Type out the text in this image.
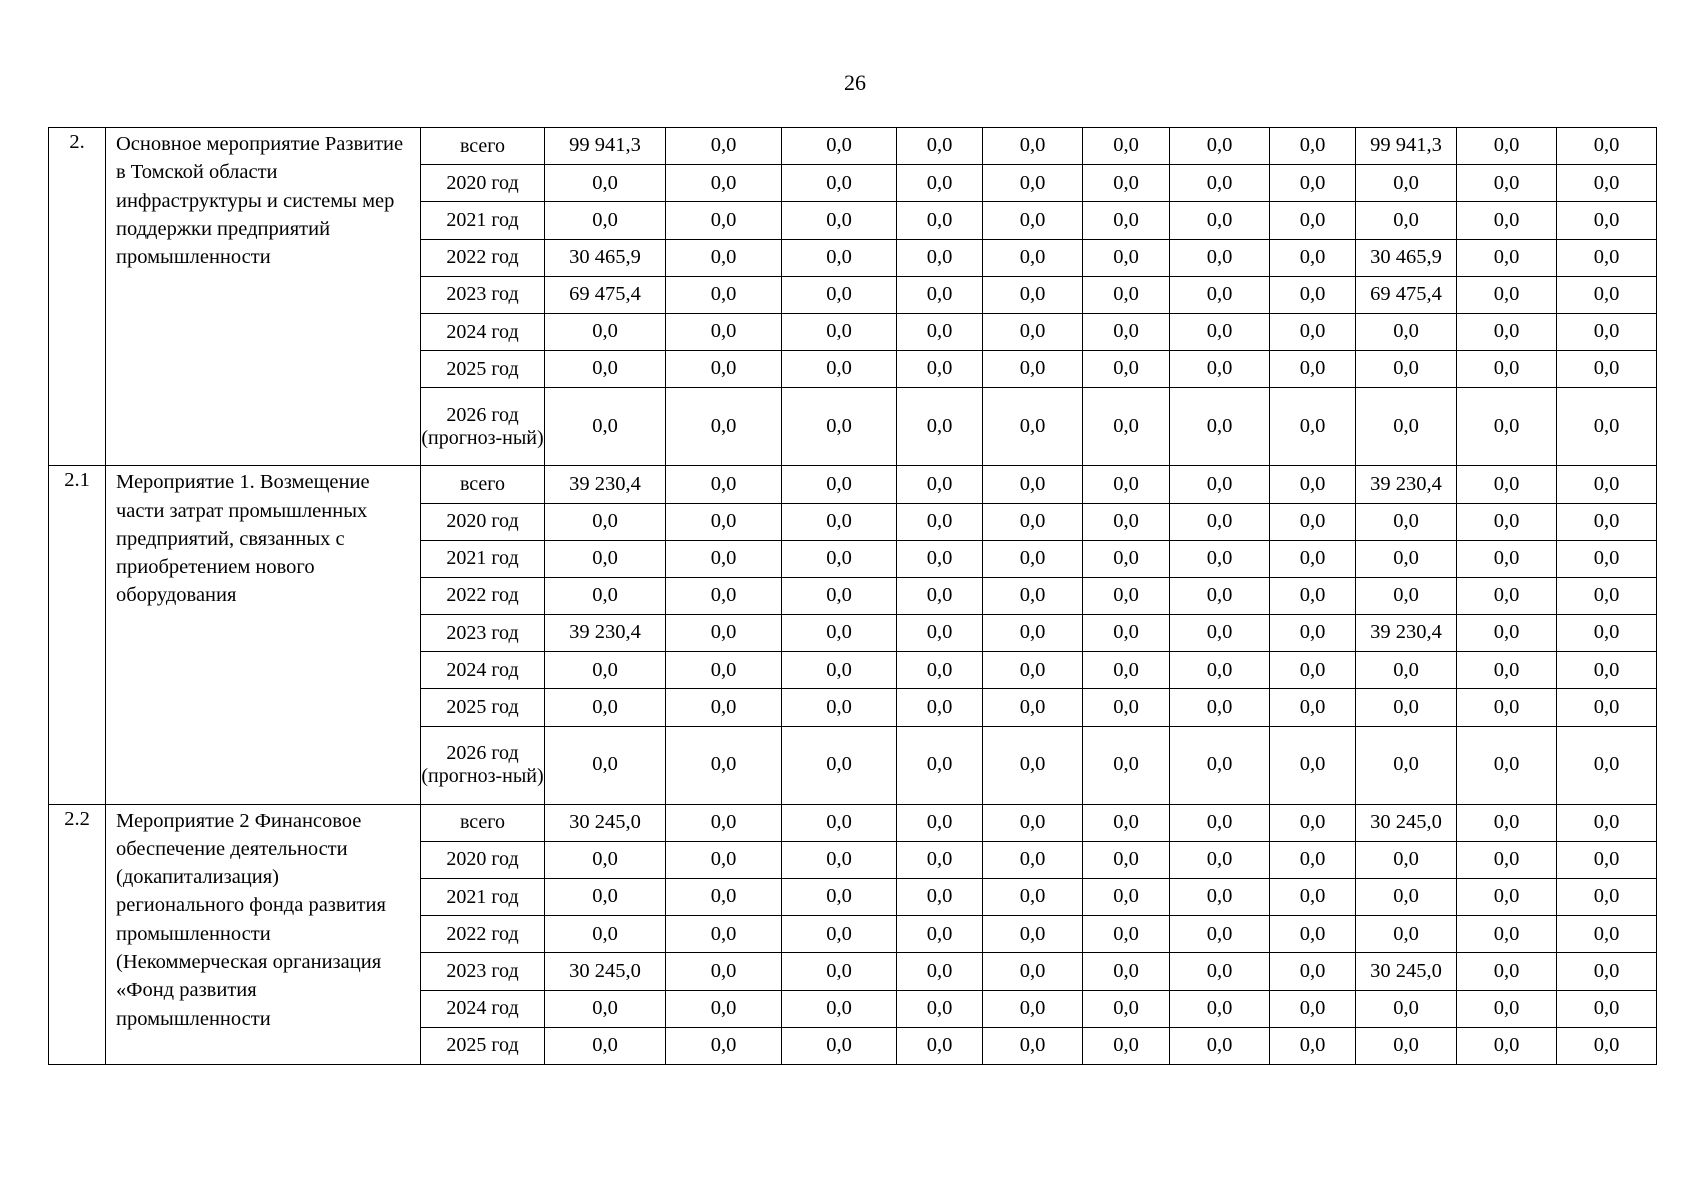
26
2.	Основное мероприятие Развитие в Томской области инфраструктуры и системы мер поддержки предприятий промышленности	всего	99 941,3	0,0	0,0	0,0	0,0	0,0	0,0	0,0	99 941,3	0,0	0,0
		2020 год	0,0	0,0	0,0	0,0	0,0	0,0	0,0	0,0	0,0	0,0	0,0
		2021 год	0,0	0,0	0,0	0,0	0,0	0,0	0,0	0,0	0,0	0,0	0,0
		2022 год	30 465,9	0,0	0,0	0,0	0,0	0,0	0,0	0,0	30 465,9	0,0	0,0
		2023 год	69 475,4	0,0	0,0	0,0	0,0	0,0	0,0	0,0	69 475,4	0,0	0,0
		2024 год	0,0	0,0	0,0	0,0	0,0	0,0	0,0	0,0	0,0	0,0	0,0
		2025 год	0,0	0,0	0,0	0,0	0,0	0,0	0,0	0,0	0,0	0,0	0,0
		2026 год (прогноз-ный)	0,0	0,0	0,0	0,0	0,0	0,0	0,0	0,0	0,0	0,0	0,0
2.1	Мероприятие 1. Возмещение части затрат промышленных предприятий, связанных с приобретением нового оборудования	всего	39 230,4	0,0	0,0	0,0	0,0	0,0	0,0	0,0	39 230,4	0,0	0,0
		2020 год	0,0	0,0	0,0	0,0	0,0	0,0	0,0	0,0	0,0	0,0	0,0
		2021 год	0,0	0,0	0,0	0,0	0,0	0,0	0,0	0,0	0,0	0,0	0,0
		2022 год	0,0	0,0	0,0	0,0	0,0	0,0	0,0	0,0	0,0	0,0	0,0
		2023 год	39 230,4	0,0	0,0	0,0	0,0	0,0	0,0	0,0	39 230,4	0,0	0,0
		2024 год	0,0	0,0	0,0	0,0	0,0	0,0	0,0	0,0	0,0	0,0	0,0
		2025 год	0,0	0,0	0,0	0,0	0,0	0,0	0,0	0,0	0,0	0,0	0,0
		2026 год (прогноз-ный)	0,0	0,0	0,0	0,0	0,0	0,0	0,0	0,0	0,0	0,0	0,0
2.2	Мероприятие 2 Финансовое обеспечение деятельности (докапитализация) регионального фонда развития промышленности (Некоммерческая организация «Фонд развития промышленности	всего	30 245,0	0,0	0,0	0,0	0,0	0,0	0,0	0,0	30 245,0	0,0	0,0
		2020 год	0,0	0,0	0,0	0,0	0,0	0,0	0,0	0,0	0,0	0,0	0,0
		2021 год	0,0	0,0	0,0	0,0	0,0	0,0	0,0	0,0	0,0	0,0	0,0
		2022 год	0,0	0,0	0,0	0,0	0,0	0,0	0,0	0,0	0,0	0,0	0,0
		2023 год	30 245,0	0,0	0,0	0,0	0,0	0,0	0,0	0,0	30 245,0	0,0	0,0
		2024 год	0,0	0,0	0,0	0,0	0,0	0,0	0,0	0,0	0,0	0,0	0,0
		2025 год	0,0	0,0	0,0	0,0	0,0	0,0	0,0	0,0	0,0	0,0	0,0
